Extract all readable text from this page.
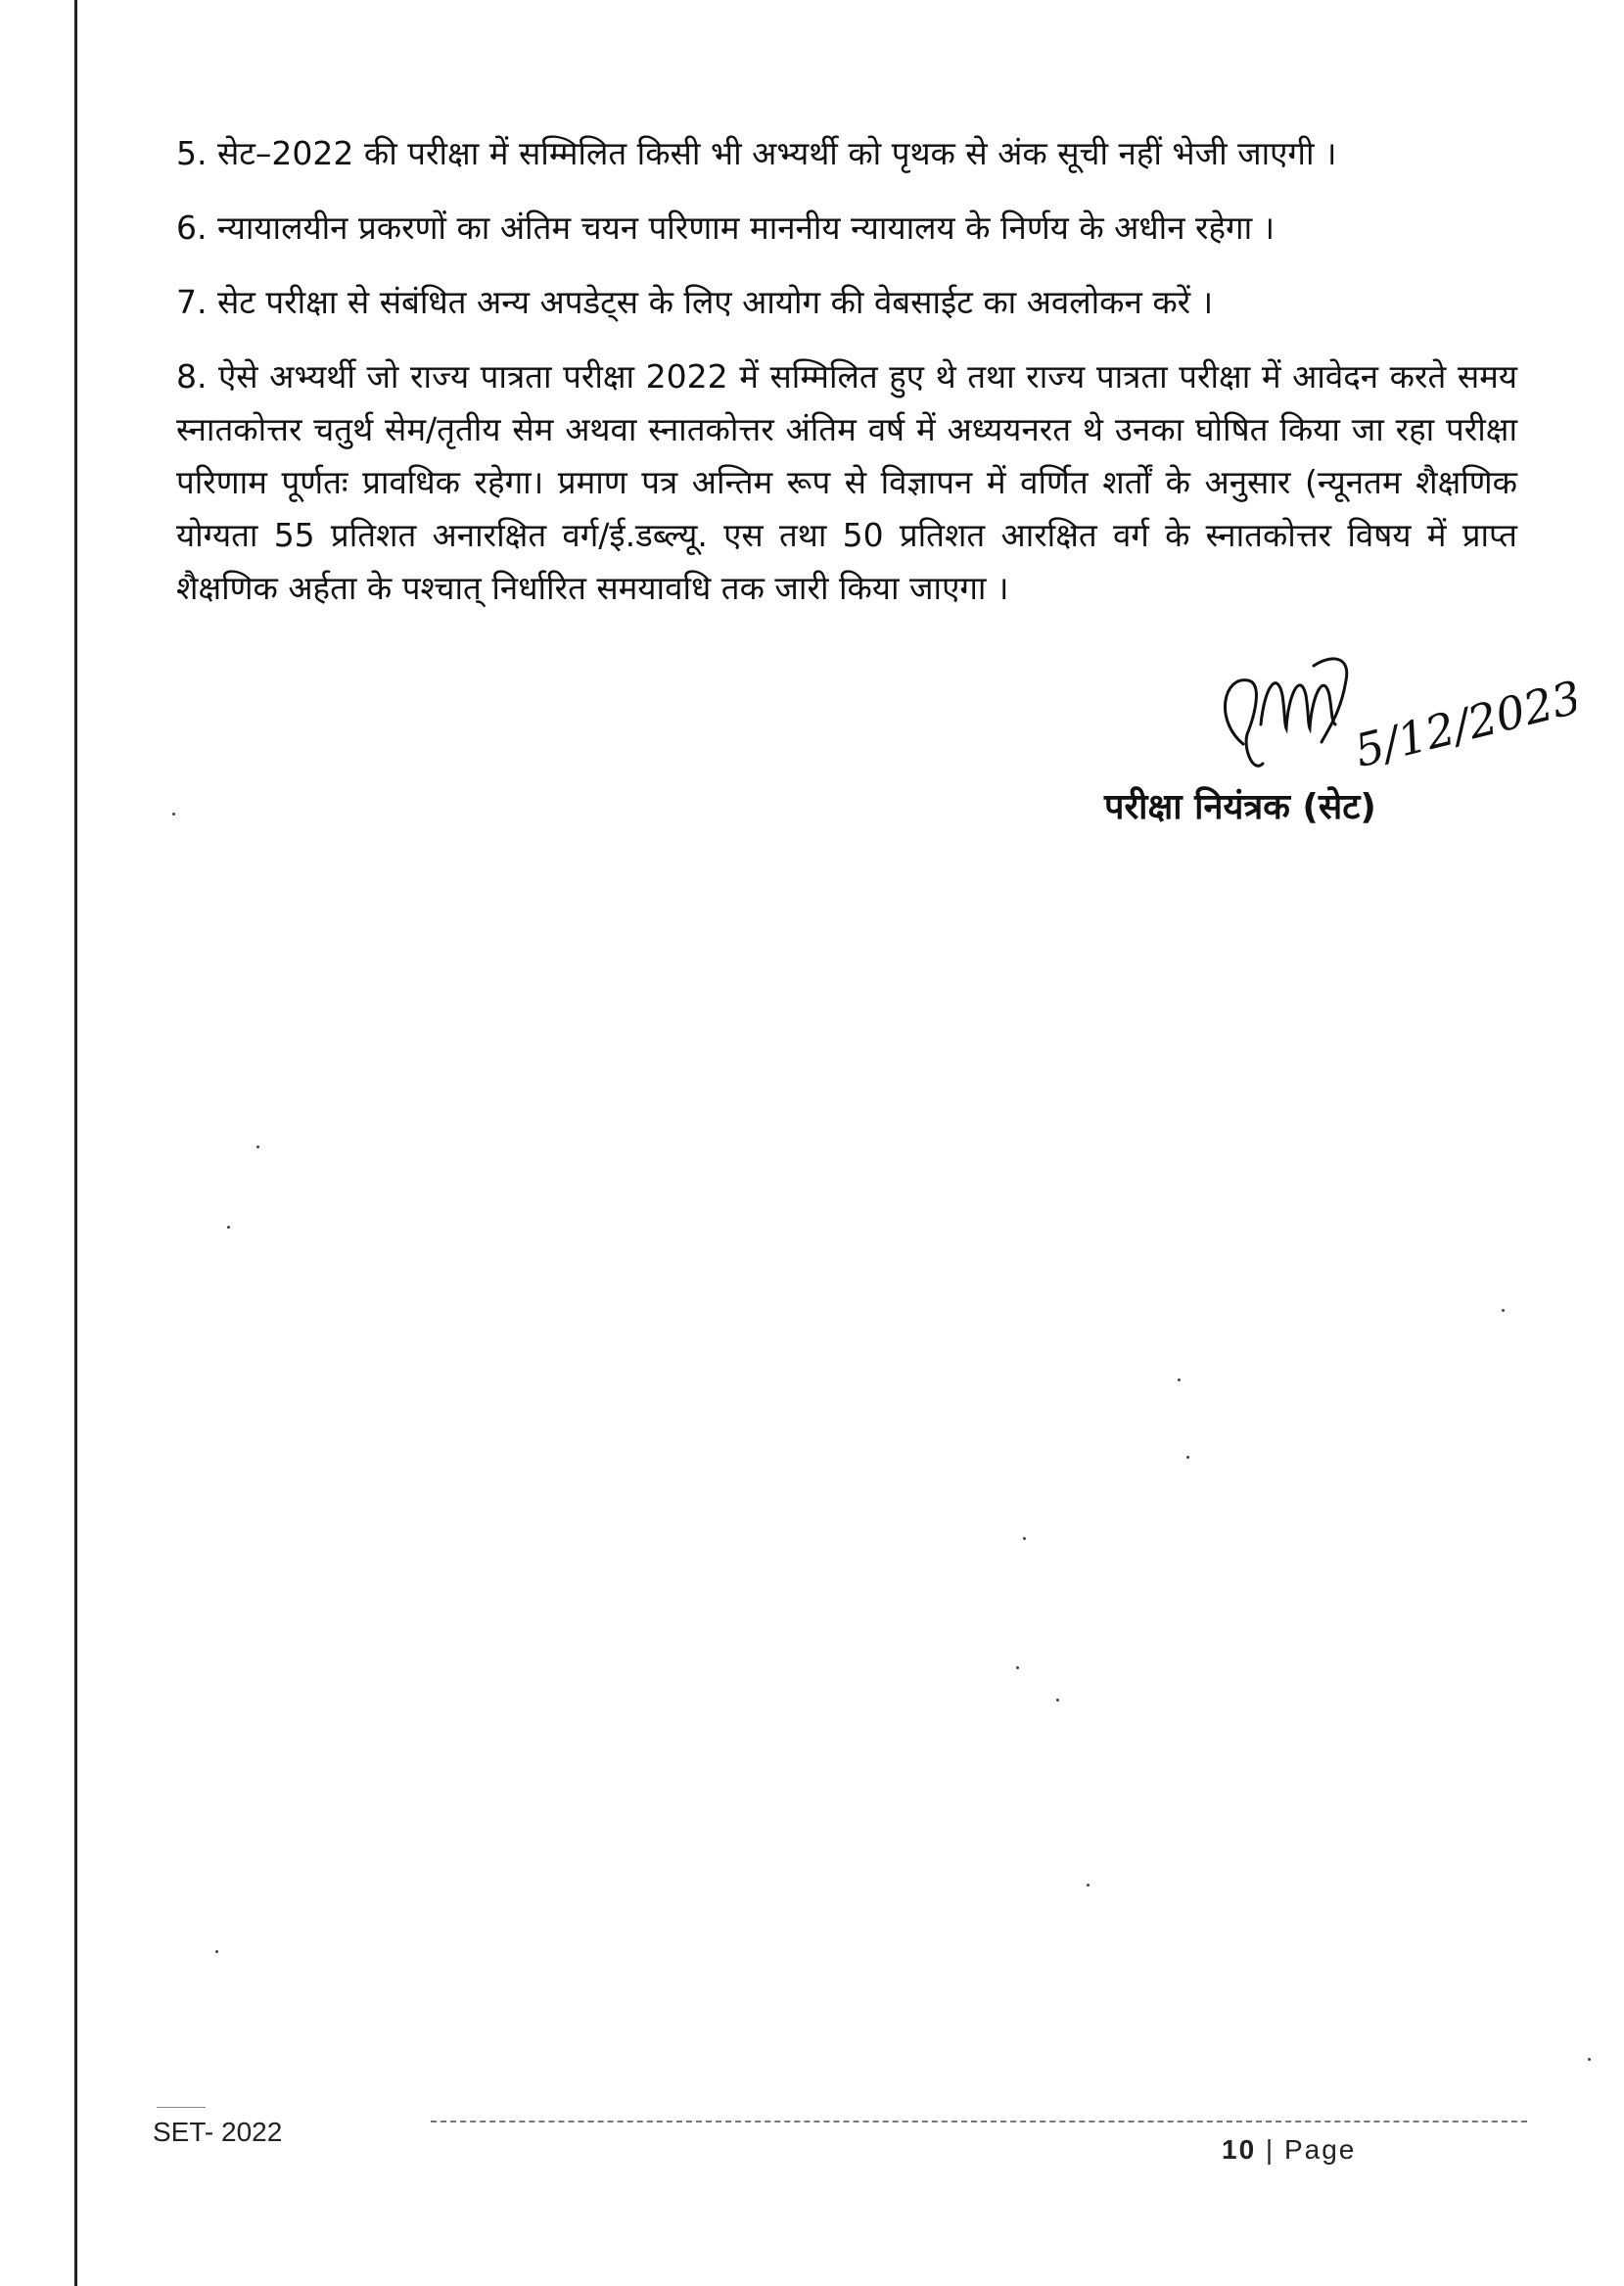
5. सेट–2022 की परीक्षा में सम्मिलित किसी भी अभ्यर्थी को पृथक से अंक सूची नहीं भेजी जाएगी ।

6. न्यायालयीन प्रकरणों का अंतिम चयन परिणाम माननीय न्यायालय के निर्णय के अधीन रहेगा ।

7. सेट परीक्षा से संबंधित अन्य अपडेट्स के लिए आयोग की वेबसाईट का अवलोकन करें ।

8. ऐसे अभ्यर्थी जो राज्य पात्रता परीक्षा 2022 में सम्मिलित हुए थे तथा राज्य पात्रता परीक्षा में आवेदन करते समय स्नातकोत्तर चतुर्थ सेम/तृतीय सेम अथवा स्नातकोत्तर अंतिम वर्ष में अध्ययनरत थे उनका घोषित किया जा रहा परीक्षा परिणाम पूर्णतः प्रावधिक रहेगा। प्रमाण पत्र अन्तिम रूप से विज्ञापन में वर्णित शर्तों के अनुसार (न्यूनतम शैक्षणिक योग्यता 55 प्रतिशत अनारक्षित वर्ग/ई.डब्ल्यू. एस तथा 50 प्रतिशत आरक्षित वर्ग के स्नातकोत्तर विषय में प्राप्त शैक्षणिक अर्हता के पश्चात् निर्धारित समयावधि तक जारी किया जाएगा ।

5/12/2023
परीक्षा नियंत्रक (सेट)
SET- 2022
10 | Page
